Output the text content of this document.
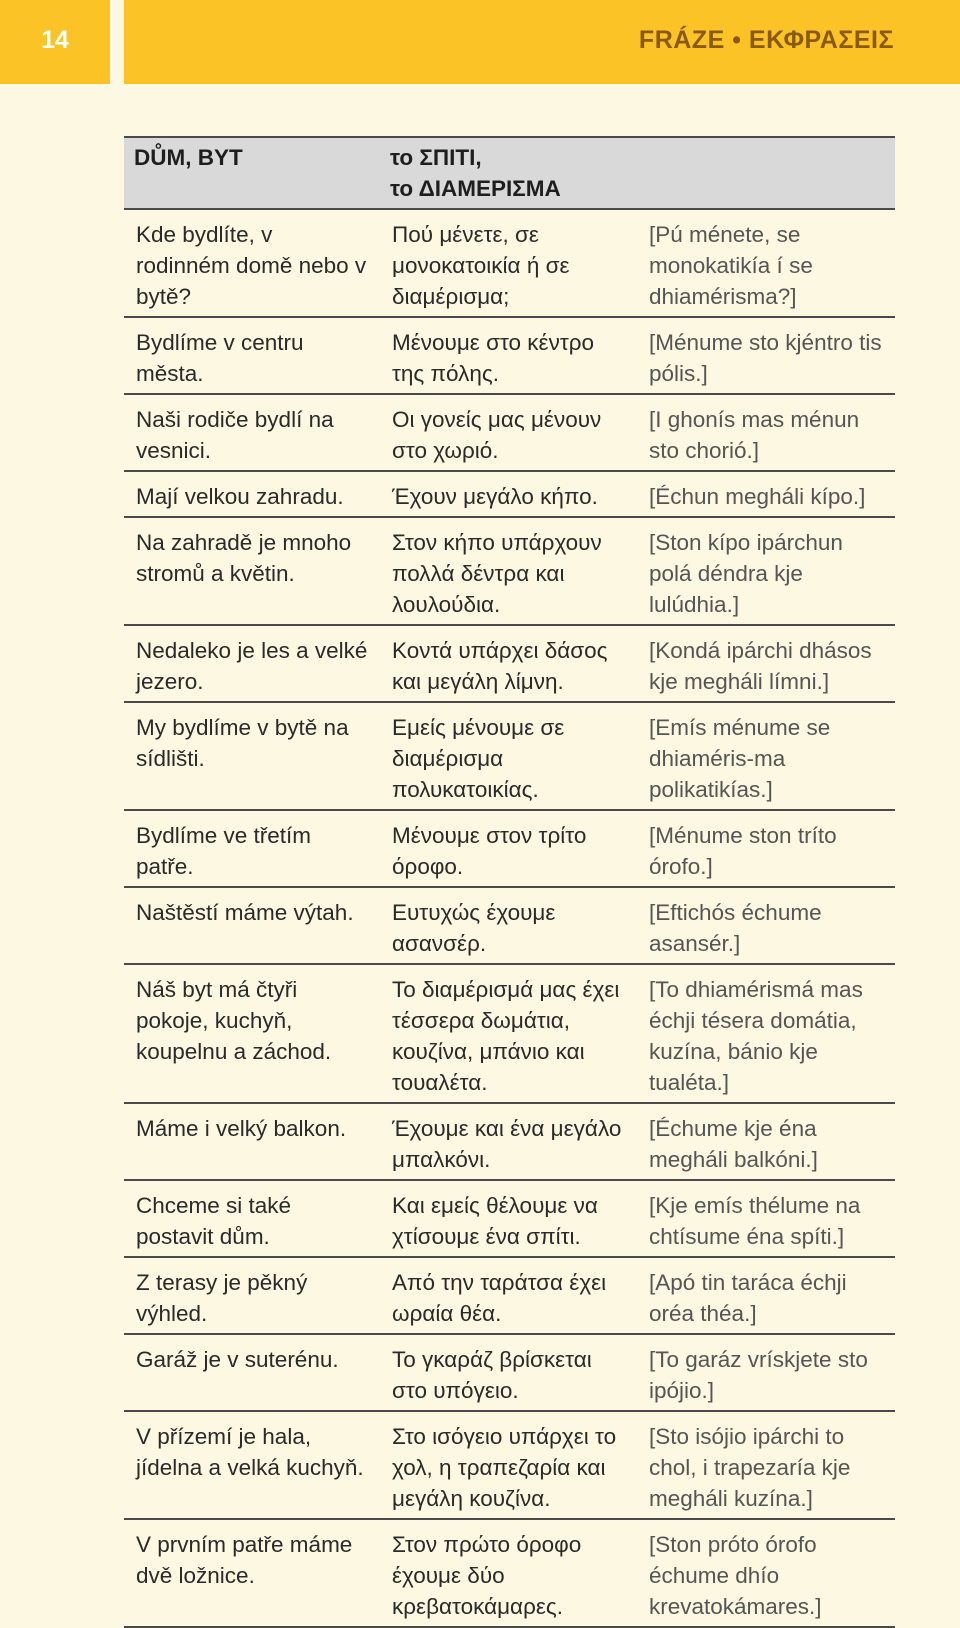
14	FRÁZE • ΕΚΦΡΑΣΕΙΣ
DŮM, BYT	το ΣΠΙΤΙ,
το ΔΙΑΜΕΡΙΣΜΑ	

Kde bydlíte, v rodinném domě nebo v bytě?	Πού μένετε, σε μονοκατοικία ή σε διαμέρισμα;	[Pú ménete, se monokatikía í se dhiamérisma?]
Bydlíme v centru města.	Μένουμε στο κέντρο της πόλης.	[Ménume sto kjéntro tis pólis.]
Naši rodiče bydlí na vesnici.	Οι γονείς μας μένουν στο χωριό.	[I ghonís mas ménun sto chorió.]
Mají velkou zahradu.	Έχουν μεγάλο κήπο.	[Échun megháli kípo.]
Na zahradě je mnoho stromů a květin.	Στον κήπο υπάρχουν πολλά δέντρα και λουλούδια.	[Ston kípo ipárchun polá déndra kje lulúdhia.]
Nedaleko je les a velké jezero.	Κοντά υπάρχει δάσος και μεγάλη λίμνη.	[Kondá ipárchi dhásos kje megháli límni.]
My bydlíme v bytě na sídlišti.	Εμείς μένουμε σε διαμέρισμα πολυκατοικίας.	[Emís ménume se dhiaméris-ma polikatikías.]
Bydlíme ve třetím patře.	Μένουμε στον τρίτο όροφο.	[Ménume ston tríto órofo.]
Naštěstí máme výtah.	Ευτυχώς έχουμε ασανσέρ.	[Eftichós échume asansér.]
Náš byt má čtyři pokoje, kuchyň, koupelnu a záchod.	Το διαμέρισμά μας έχει τέσσερα δωμάτια, κουζίνα, μπάνιο και τουαλέτα.	[To dhiamérismá mas échji tésera domátia, kuzína, bánio kje tualéta.]
Máme i velký balkon.	Έχουμε και ένα μεγάλο μπαλκόνι.	[Échume kje éna megháli balkóni.]
Chceme si také postavit dům.	Και εμείς θέλουμε να χτίσουμε ένα σπίτι.	[Kje emís thélume na chtísume éna spíti.]
Z terasy je pěkný výhled.	Από την ταράτσα έχει ωραία θέα.	[Apó tin taráca échji oréa théa.]
Garáž je v suterénu.	Το γκαράζ βρίσκεται στο υπόγειο.	[To garáz vrískjete sto ipójio.]
V přízemí je hala, jídelna a velká kuchyň.	Στο ισόγειο υπάρχει το χολ, η τραπεζαρία και μεγάλη κουζίνα.	[Sto isójio ipárchi to chol, i trapezaría kje megháli kuzína.]
V prvním patře máme dvě ložnice.	Στον πρώτο όροφο έχουμε δύο κρεβατοκάμαρες.	[Ston próto órofo échume dhío krevatokámares.]
